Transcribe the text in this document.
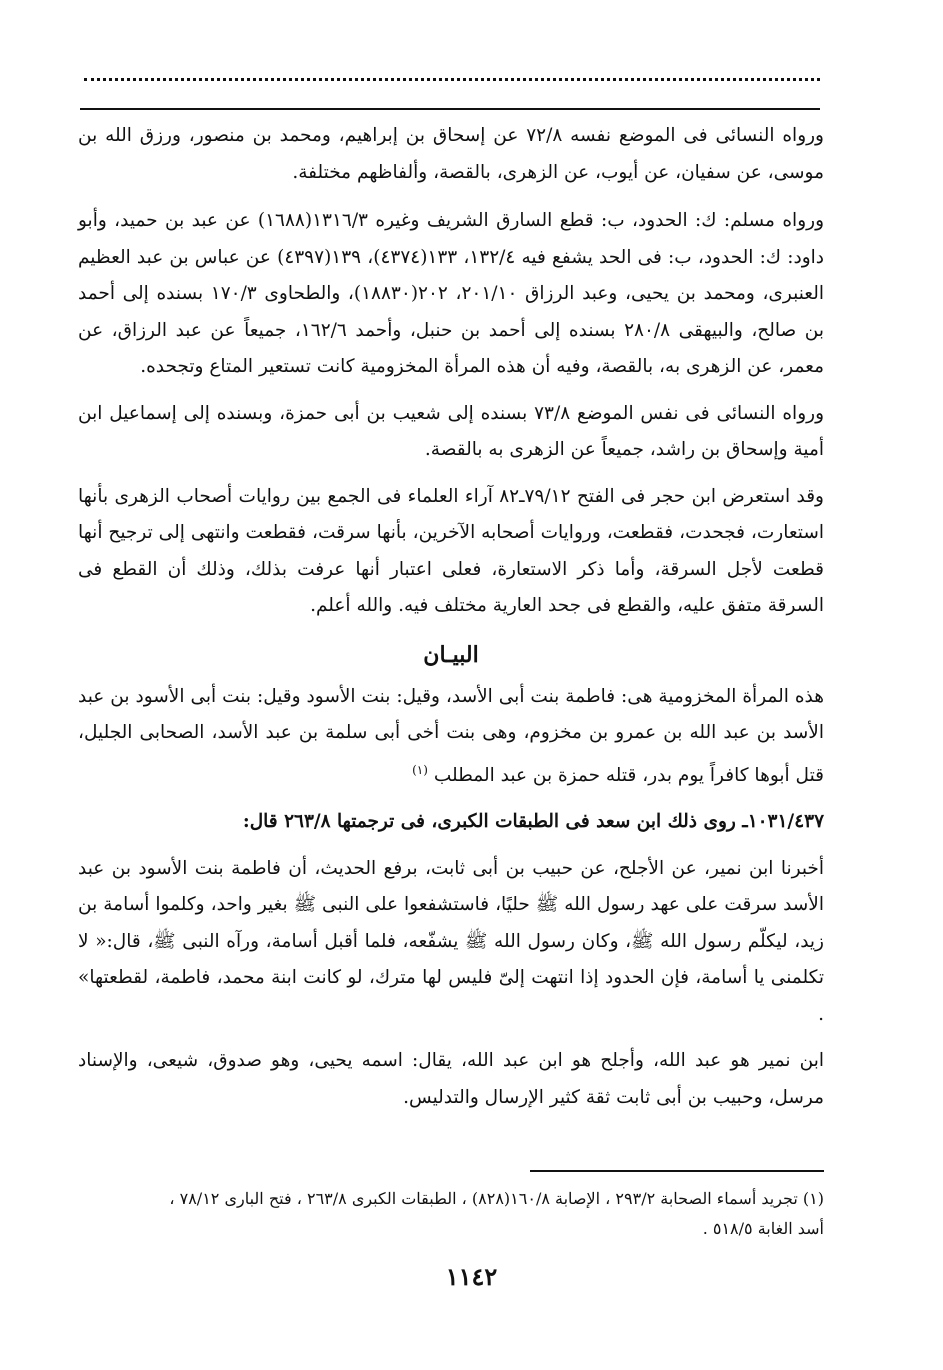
ورواه النسائى فى الموضع نفسه ٧٢/٨ عن إسحاق بن إبراهيم، ومحمد بن منصور، ورزق الله بن موسى، عن سفيان، عن أيوب، عن الزهرى، بالقصة، وألفاظهم مختلفة.

ورواه مسلم: ك: الحدود، ب: قطع السارق الشريف وغيره ١٣١٦/٣(١٦٨٨) عن عبد بن حميد، وأبو داود: ك: الحدود، ب: فى الحد يشفع فيه ١٣٢/٤، ١٣٣(٤٣٧٤)، ١٣٩(٤٣٩٧) عن عباس بن عبد العظيم العنبرى، ومحمد بن يحيى، وعبد الرزاق ٢٠١/١٠، ٢٠٢(١٨٨٣٠)، والطحاوى ١٧٠/٣ بسنده إلى أحمد بن صالح، والبيهقى ٢٨٠/٨ بسنده إلى أحمد بن حنبل، وأحمد ١٦٢/٦، جميعاً عن عبد الرزاق، عن معمر، عن الزهرى به، بالقصة، وفيه أن هذه المرأة المخزومية كانت تستعير المتاع وتجحده.

ورواه النسائى فى نفس الموضع ٧٣/٨ بسنده إلى شعيب بن أبى حمزة، وبسنده إلى إسماعيل ابن أمية وإسحاق بن راشد، جميعاً عن الزهرى به بالقصة.

وقد استعرض ابن حجر فى الفتح ٧٩/١٢ـ٨٢ آراء العلماء فى الجمع بين روايات أصحاب الزهرى بأنها استعارت، فجحدت، فقطعت، وروايات أصحابه الآخرين، بأنها سرقت، فقطعت وانتهى إلى ترجيح أنها قطعت لأجل السرقة، وأما ذكر الاستعارة، فعلى اعتبار أنها عرفت بذلك، وذلك أن القطع فى السرقة متفق عليه، والقطع فى جحد العارية مختلف فيه. والله أعلم.

البيـان

هذه المرأة المخزومية هى: فاطمة بنت أبى الأسد، وقيل: بنت الأسود وقيل: بنت أبى الأسود بن عبد الأسد بن عبد الله بن عمرو بن مخزوم، وهى بنت أخى أبى سلمة بن عبد الأسد، الصحابى الجليل، قتل أبوها كافراً يوم بدر، قتله حمزة بن عبد المطلب $^{(١)}$

١٠٣١/٤٣٧ـ روى ذلك ابن سعد فى الطبقات الكبرى، فى ترجمتها ٢٦٣/٨ قال:

أخبرنا ابن نمير، عن الأجلح، عن حبيب بن أبى ثابت، برفع الحديث، أن فاطمة بنت الأسود بن عبد الأسد سرقت على عهد رسول الله ﷺ حليًا، فاستشفعوا على النبى ﷺ بغير واحد، وكلموا أسامة بن زيد، ليكلّم رسول الله ﷺ، وكان رسول الله ﷺ يشفّعه، فلما أقبل أسامة، ورآه النبى ﷺ، قال:« لا تكلمنى يا أسامة، فإن الحدود إذا انتهت إلىّ فليس لها مترك، لو كانت ابنة محمد، فاطمة، لقطعتها» .

ابن نمير هو عبد الله، وأجلح هو ابن عبد الله، يقال: اسمه يحيى، وهو صدوق، شيعى، والإسناد مرسل، وحبيب بن أبى ثابت ثقة كثير الإرسال والتدليس.

(١) تجريد أسماء الصحابة ٢٩٣/٢ ، الإصابة ١٦٠/٨(٨٢٨) ، الطبقات الكبرى ٢٦٣/٨ ، فتح البارى ٧٨/١٢ ،

أسد الغابة ٥١٨/٥ .

١١٤٢
